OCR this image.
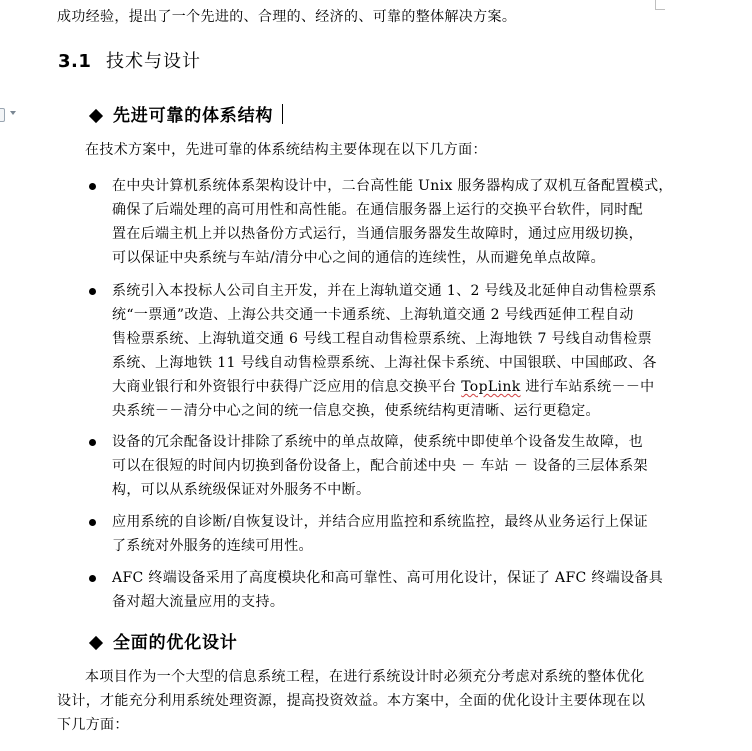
成功经验，提出了一个先进的、合理的、经济的、可靠的整体解决方案。
3.1 技术与设计
先进可靠的体系结构
在技术方案中，先进可靠的体系统结构主要体现在以下几方面：
在中央计算机系统体系架构设计中，二台高性能 Unix 服务器构成了双机互备配置模式，
确保了后端处理的高可用性和高性能。在通信服务器上运行的交换平台软件，同时配
置在后端主机上并以热备份方式运行，当通信服务器发生故障时，通过应用级切换，
可以保证中央系统与车站/清分中心之间的通信的连续性，从而避免单点故障。
系统引入本投标人公司自主开发，并在上海轨道交通 1、2 号线及北延伸自动售检票系
统“一票通”改造、上海公共交通一卡通系统、上海轨道交通 2 号线西延伸工程自动
售检票系统、上海轨道交通 6 号线工程自动售检票系统、上海地铁 7 号线自动售检票
系统、上海地铁 11 号线自动售检票系统、上海社保卡系统、中国银联、中国邮政、各
大商业银行和外资银行中获得广泛应用的信息交换平台 TopLink 进行车站系统－－中
央系统－－清分中心之间的统一信息交换，使系统结构更清晰、运行更稳定。
设备的冗余配备设计排除了系统中的单点故障，使系统中即使单个设备发生故障，也
可以在很短的时间内切换到备份设备上，配合前述中央 － 车站 － 设备的三层体系架
构，可以从系统级保证对外服务不中断。
应用系统的自诊断/自恢复设计，并结合应用监控和系统监控，最终从业务运行上保证
了系统对外服务的连续可用性。
AFC 终端设备采用了高度模块化和高可靠性、高可用化设计，保证了 AFC 终端设备具
备对超大流量应用的支持。
全面的优化设计
本项目作为一个大型的信息系统工程，在进行系统设计时必须充分考虑对系统的整体优化
设计，才能充分利用系统处理资源，提高投资效益。本方案中，全面的优化设计主要体现在以
下几方面：
